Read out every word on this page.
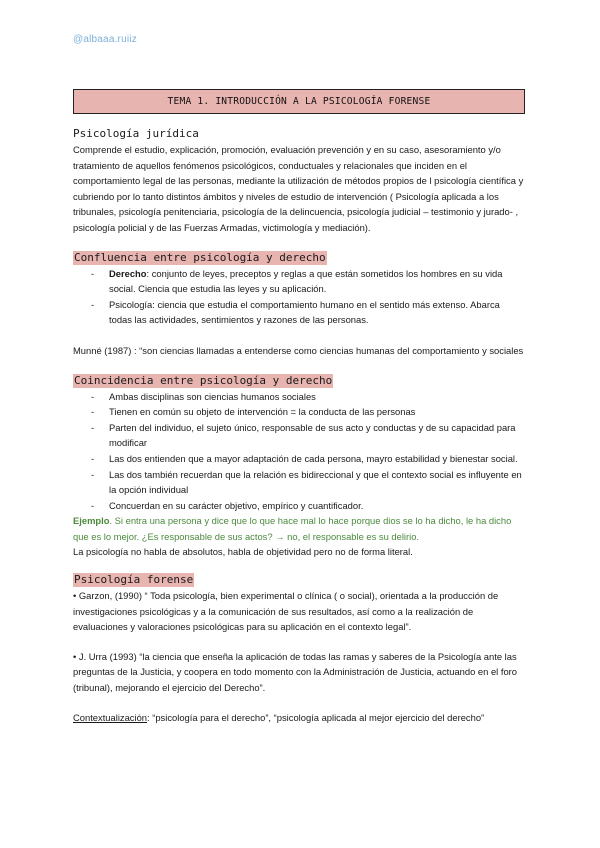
@albaaa.ruiiz
TEMA 1. INTRODUCCIÓN A LA PSICOLOGÍA FORENSE

Psicología jurídica

Comprende el estudio, explicación, promoción, evaluación prevención y en su caso, asesoramiento y/o tratamiento de aquellos fenómenos psicológicos, conductuales y relacionales que inciden en el comportamiento legal de las personas, mediante la utilización de métodos propios de l psicología científica y cubriendo por lo tanto distintos ámbitos y niveles de estudio de intervención ( Psicología aplicada a los tribunales, psicología penitenciaria, psicología de la delincuencia, psicología judicial – testimonio y jurado- , psicología policial y de las Fuerzas Armadas, victimología y mediación).

Confluencia entre psicología y derecho
- Derecho: conjunto de leyes, preceptos y reglas a que están sometidos los hombres en su vida social. Ciencia que estudia las leyes y su aplicación.
- Psicología: ciencia que estudia el comportamiento humano en el sentido más extenso. Abarca todas las actividades, sentimientos y razones de las personas.

Munné (1987) : “son ciencias llamadas a entenderse como ciencias humanas del comportamiento y sociales

Coincidencia entre psicología y derecho
- Ambas disciplinas son ciencias humanos sociales
- Tienen en común su objeto de intervención = la conducta de las personas
- Parten del individuo, el sujeto único, responsable de sus acto y conductas y de su capacidad para modificar
- Las dos entienden que a mayor adaptación de cada persona, mayro estabilidad y bienestar social.
- Las dos también recuerdan que la relación es bidireccional y que el contexto social es influyente en la opción individual
- Concuerdan en su carácter objetivo, empírico y cuantificador.

Ejemplo. Si entra una persona y dice que lo que hace mal lo hace porque dios se lo ha dicho, le ha dicho que es lo mejor. ¿Es responsable de sus actos? → no, el responsable es su delirio.

La psicología no habla de absolutos, habla de objetividad pero no de forma literal.

Psicología forense

• Garzon, (1990) “ Toda psicología, bien experimental o clínica ( o social), orientada a la producción de investigaciones psicológicas y a la comunicación de sus resultados, así como a la realización de evaluaciones y valoraciones psicológicas para su aplicación en el contexto legal”.

• J. Urra (1993) “la ciencia que enseña la aplicación de todas las ramas y saberes de la Psicología ante las preguntas de la Justicia, y coopera en todo momento con la Administración de Justicia, actuando en el foro (tribunal), mejorando el ejercicio del Derecho”.

Contextualización: “psicología para el derecho”, “psicología aplicada al mejor ejercicio del derecho”
